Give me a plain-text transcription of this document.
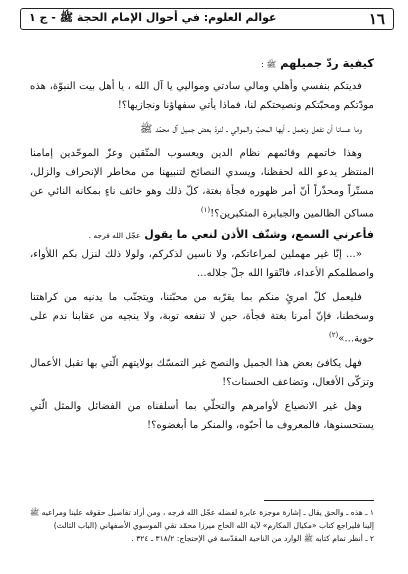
١٦
عوالم العلوم: في أحوال الإمام الحجة ﷺ - ج ١
كيفية ردّ جميلهم ﷺ :

فديتكم بنفسي وأهلي ومالي سادتي ومواليي يا آل الله ، يا أهل بيت النبوّة، هذه مودّتكم ومحبّتكم ونصيحتكم لنا، فماذا يأتي سفهاؤنا ونجازيها؟!

وما عسانا أن نفعل ونعمل ـ أيها المحبّ والموالي ـ لنردّ بعض جميل آل محمّد ﷺ

وهذا خاتمهم وقائمهم نظام الدين ويعسوب المتّقين وعزّ الموحّدين إمامنا المنتظر يدعو الله لحفظنا، ويسدي النصائح لتنبيهنا من مخاطر الإنحراف والزلل، مستّراً ومحذّراً أنّ أمر ظهوره فجأة بغتة، كلّ ذلك وهو خائف ناءٍ بمكانه النائي عن مساكن الظالمين والجبابرة المتكبرين؟!$^{(١)}$

فأعرني السمع، وشنّف الأذن لنعي ما يقول عجّل الله فرجه .

«... إنّا غير مهملين لمراعاتكم، ولا ناسين لذكركم، ولولا ذلك لنزل بكم اللأواء، واصطلمكم الأعداء، فاتّقوا الله جلّ جلاله...

فليعمل كلّ امرئٍ منكم بما يقرّبه من محبّتنا، ويتجنّب ما يدنيه من كراهتنا وسخطنا، فإنّ أمرنا بغتة فجأة، حين لا تنفعه توبة، ولا ينجيه من عقابنا ندم على حوبة...»$^{(٢)}$

فهل يكافئ بعض هذا الجميل والنصح غير التمسّك بولايتهم الّتي بها تقبل الأعمال وتزكّى الأفعال، وتضاعف الحسنات؟!

وهل غير الانصياع لأوامرهم والتحلّي بما أسلفناه من الفضائل والمثل الّتي يستحسنوها، فالمعروف ما أحبّوه، والمنكر ما أبغضوه؟!

١ ـ هذه ـ والحق يقال ـ إشارة موجزة عابرة لفضله عجّل الله فرجه ، ومن أراد تفاصيل حقوقه علينا ومراعيه ﷺ إلينا فليراجع كتاب «مكيال المكارم» لآية الله الحاج ميرزا محمّد تقي الموسوي الأصفهاني (الباب الثالث)

٢ ـ أنظر تمام كتابه ﷺ الوارد من الناحية المقدّسة في الإحتجاج: ٣١٨/٢ ـ ٣٢٤ .
